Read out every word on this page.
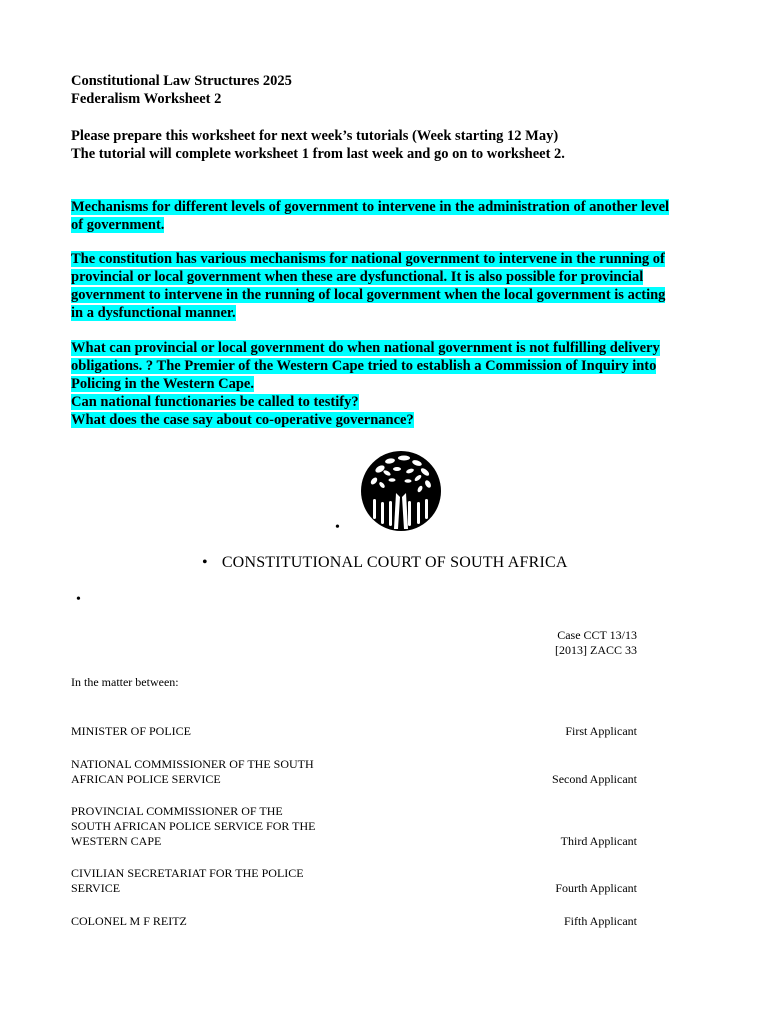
Constitutional Law Structures 2025
Federalism Worksheet 2
Please prepare this worksheet for next week’s tutorials (Week starting 12 May)
The tutorial will complete worksheet 1 from last week and go on to worksheet 2.
Mechanisms for different levels of government to intervene in the administration of another level
of government.
The constitution has various mechanisms for national government to intervene in the running of
provincial or local government when these are dysfunctional. It is also possible for provincial
government to intervene in the running of local government when the local government is acting
in a dysfunctional manner.
What can provincial or local government do when national government is not fulfilling delivery
obligations. ? The Premier of the Western Cape tried to establish a Commission of Inquiry into
Policing in the Western Cape.
Can national functionaries be called to testify?
What does the case say about co-operative governance?
•
• CONSTITUTIONAL COURT OF SOUTH AFRICA
•
Case CCT 13/13
[2013] ZACC 33
In the matter between:
MINISTER OF POLICE	First Applicant
NATIONAL COMMISSIONER OF THE SOUTH
AFRICAN POLICE SERVICE	Second Applicant
PROVINCIAL COMMISSIONER OF THE
SOUTH AFRICAN POLICE SERVICE FOR THE
WESTERN CAPE	Third Applicant
CIVILIAN SECRETARIAT FOR THE POLICE
SERVICE	Fourth Applicant
COLONEL M F REITZ	Fifth Applicant
